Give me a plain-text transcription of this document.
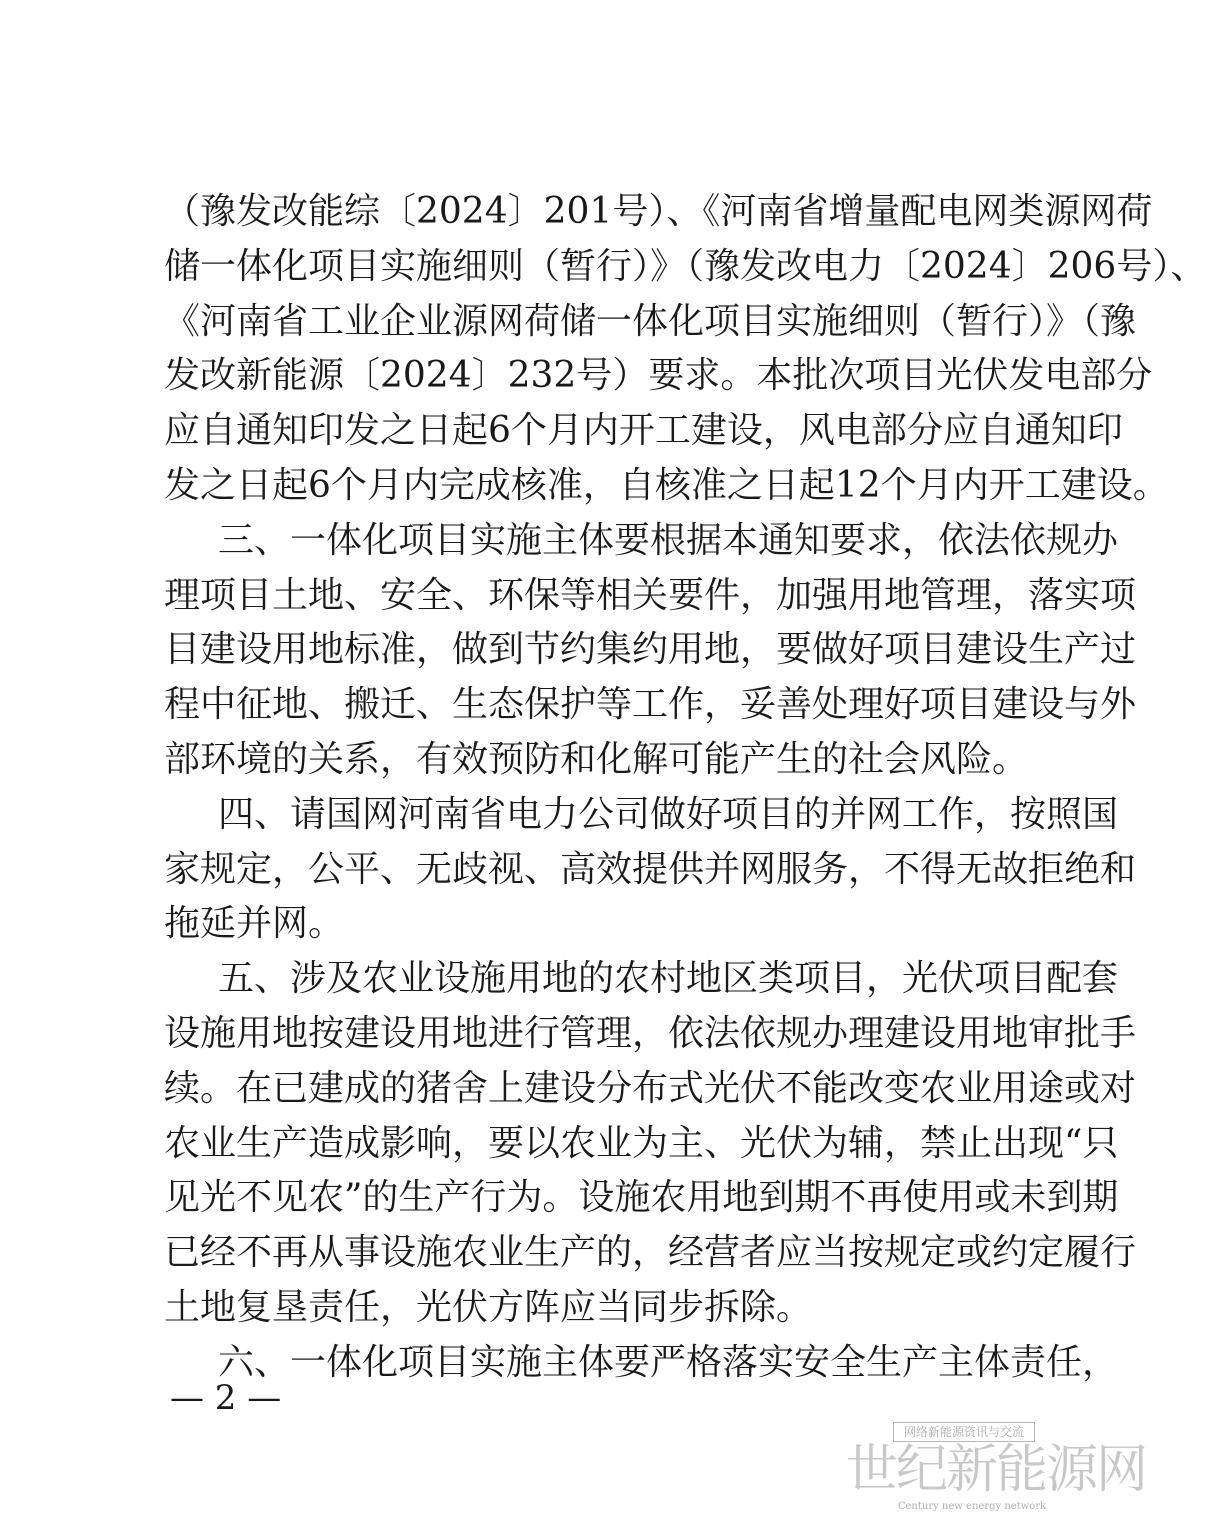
（豫发改能综〔2024〕201号）、《河南省增量配电网类源网荷
储一体化项目实施细则（暂行）》（豫发改电力〔2024〕206号）、
《河南省工业企业源网荷储一体化项目实施细则（暂行）》（豫
发改新能源〔2024〕232号）要求。本批次项目光伏发电部分
应自通知印发之日起6个月内开工建设，风电部分应自通知印
发之日起6个月内完成核准，自核准之日起12个月内开工建设。
三、一体化项目实施主体要根据本通知要求，依法依规办
理项目土地、安全、环保等相关要件，加强用地管理，落实项
目建设用地标准，做到节约集约用地，要做好项目建设生产过
程中征地、搬迁、生态保护等工作，妥善处理好项目建设与外
部环境的关系，有效预防和化解可能产生的社会风险。
四、请国网河南省电力公司做好项目的并网工作，按照国
家规定，公平、无歧视、高效提供并网服务，不得无故拒绝和
拖延并网。
五、涉及农业设施用地的农村地区类项目，光伏项目配套
设施用地按建设用地进行管理，依法依规办理建设用地审批手
续。在已建成的猪舍上建设分布式光伏不能改变农业用途或对
农业生产造成影响，要以农业为主、光伏为辅，禁止出现“只
见光不见农”的生产行为。设施农用地到期不再使用或未到期
已经不再从事设施农业生产的，经营者应当按规定或约定履行
土地复垦责任，光伏方阵应当同步拆除。
六、一体化项目实施主体要严格落实安全生产主体责任，
— 2 —
网络新能源资讯与交流
世纪新能源网
Century new energy network
